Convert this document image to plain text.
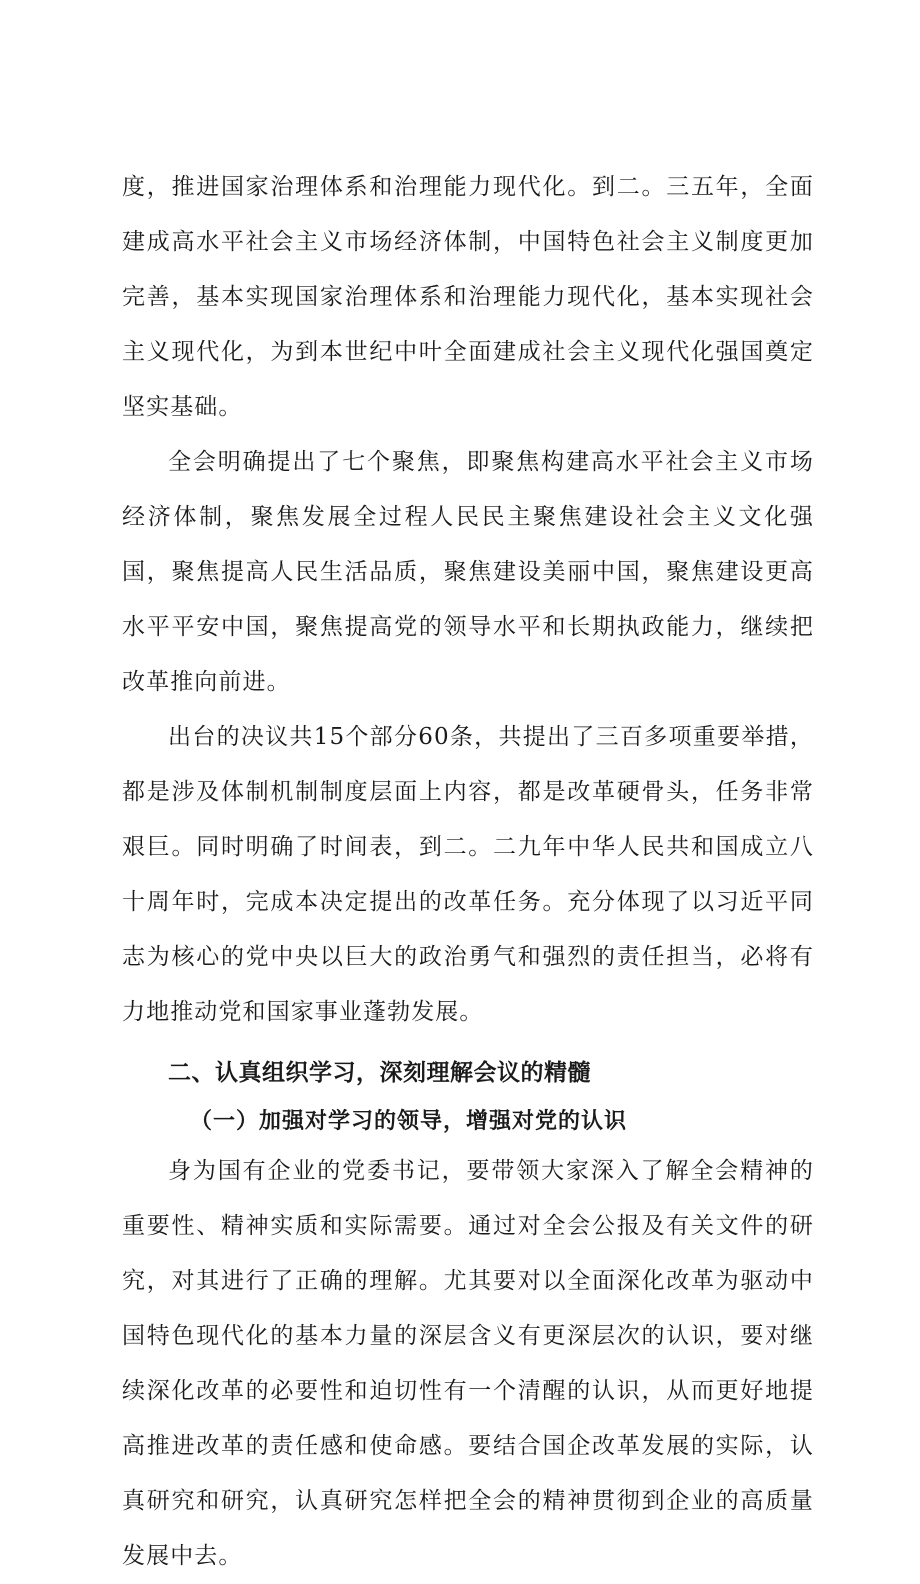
度，推进国家治理体系和治理能力现代化。到二。三五年，全面建成高水平社会主义市场经济体制，中国特色社会主义制度更加完善，基本实现国家治理体系和治理能力现代化，基本实现社会主义现代化，为到本世纪中叶全面建成社会主义现代化强国奠定坚实基础。

全会明确提出了七个聚焦，即聚焦构建高水平社会主义市场经济体制，聚焦发展全过程人民民主聚焦建设社会主义文化强国，聚焦提高人民生活品质，聚焦建设美丽中国，聚焦建设更高水平平安中国，聚焦提高党的领导水平和长期执政能力，继续把改革推向前进。

出台的决议共15个部分60条，共提出了三百多项重要举措，都是涉及体制机制制度层面上内容，都是改革硬骨头，任务非常艰巨。同时明确了时间表，到二。二九年中华人民共和国成立八十周年时，完成本决定提出的改革任务。充分体现了以习近平同志为核心的党中央以巨大的政治勇气和强烈的责任担当，必将有力地推动党和国家事业蓬勃发展。

二、认真组织学习，深刻理解会议的精髓
（一）加强对学习的领导，增强对党的认识

身为国有企业的党委书记，要带领大家深入了解全会精神的重要性、精神实质和实际需要。通过对全会公报及有关文件的研究，对其进行了正确的理解。尤其要对以全面深化改革为驱动中国特色现代化的基本力量的深层含义有更深层次的认识，要对继续深化改革的必要性和迫切性有一个清醒的认识，从而更好地提高推进改革的责任感和使命感。要结合国企改革发展的实际，认真研究和研究，认真研究怎样把全会的精神贯彻到企业的高质量发展中去。
